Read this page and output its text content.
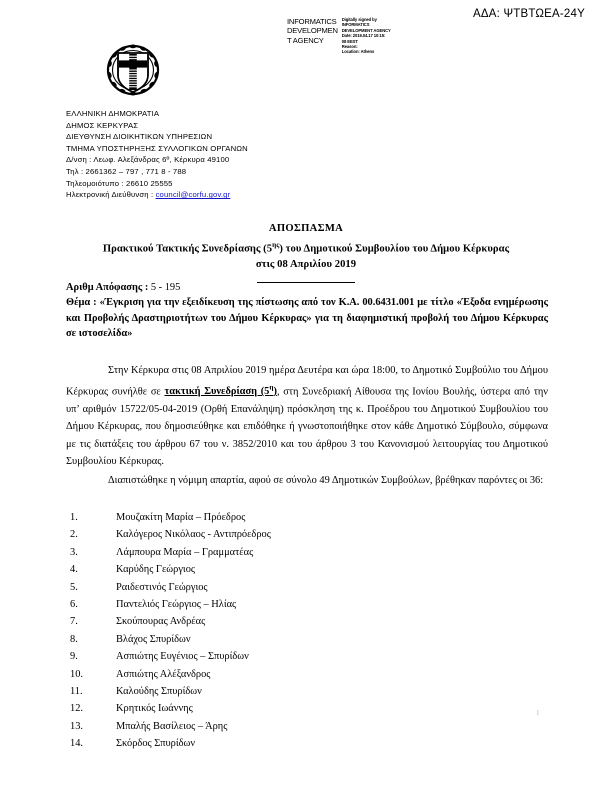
ΑΔΑ: ΨΤΒΤΩΕΑ-24Υ
INFORMATICS
DEVELOPMEN
T AGENCY
Digitally signed by
INFORMATICS
DEVELOPMENT AGENCY
Date: 2019.04.17 10:15:
08 EEST
Reason:
Location: Athens
ΕΛΛΗΝΙΚΗ ΔΗΜΟΚΡΑΤΙΑ
ΔΗΜΟΣ ΚΕΡΚΥΡΑΣ
ΔΙΕΥΘΥΝΣΗ ΔΙΟΙΚΗΤΙΚΩΝ ΥΠΗΡΕΣΙΩΝ
ΤΜΗΜΑ ΥΠΟΣΤΗΡΗΞΗΣ ΣΥΛΛΟΓΙΚΩΝ ΟΡΓΑΝΩΝ
Δ/νση : Λεωφ. Αλεξάνδρας 6º, Κέρκυρα 49100
Τηλ : 2661362 – 797 , 771 8 - 788
Τηλεομοιότυπο : 26610 25555
Ηλεκτρονική Διεύθυνση : council@corfu.gov.gr
ΑΠΟΣΠΑΣΜΑ
Πρακτικού Τακτικής Συνεδρίασης $(5^{\eta\varsigma})$ του Δημοτικού Συμβουλίου του Δήμου Κέρκυρας
στις 08 Απριλίου 2019
Αριθμ Απόφασης : 5 - 195
Θέμα : «Έγκριση για την εξειδίκευση της πίστωσης από τον Κ.Α. 00.6431.001 με τίτλο «Έξοδα ενημέρωσης και Προβολής Δραστηριοτήτων του Δήμου Κέρκυρας» για τη διαφημιστική προβολή του Δήμου Κέρκυρας σε ιστοσελίδα»
Στην Κέρκυρα στις 08 Απριλίου 2019 ημέρα Δευτέρα και ώρα 18:00, το Δημοτικό Συμβούλιο του Δήμου Κέρκυρας συνήλθε σε τακτική Συνεδρίαση $(5^\eta)$, στη Συνεδριακή Αίθουσα της Ιονίου Βουλής, ύστερα από την υπ’ αριθμόν 15722/05-04-2019 (Ορθή Επανάληψη) πρόσκληση της κ. Προέδρου του Δημοτικού Συμβουλίου του Δήμου Κέρκυρας, που δημοσιεύθηκε και επιδόθηκε ή γνωστοποιήθηκε στον κάθε Δημοτικό Σύμβουλο, σύμφωνα με τις διατάξεις του άρθρου 67 του ν. 3852/2010 και του άρθρου 3 του Κανονισμού λειτουργίας του Δημοτικού Συμβουλίου Κέρκυρας.
Διαπιστώθηκε η νόμιμη απαρτία, αφού σε σύνολο 49 Δημοτικών Συμβούλων, βρέθηκαν παρόντες οι 36:
1.	Μουζακίτη Μαρία – Πρόεδρος
2.	Καλόγερος Νικόλαος - Αντιπρόεδρος
3.	Λάμπουρα Μαρία – Γραμματέας
4.	Καρύδης Γεώργιος
5.	Ραιδεστινός Γεώργιος
6.	Παντελιός Γεώργιος – Ηλίας
7.	Σκούπουρας Ανδρέας
8.	Βλάχος Σπυρίδων
9.	Ασπιώτης Ευγένιος – Σπυρίδων
10.	Ασπιώτης Αλέξανδρος
11.	Καλούδης Σπυρίδων
12.	Κρητικός Ιωάννης
13.	Μπαλής Βασίλειος – Άρης
14.	Σκόρδος Σπυρίδων
1
